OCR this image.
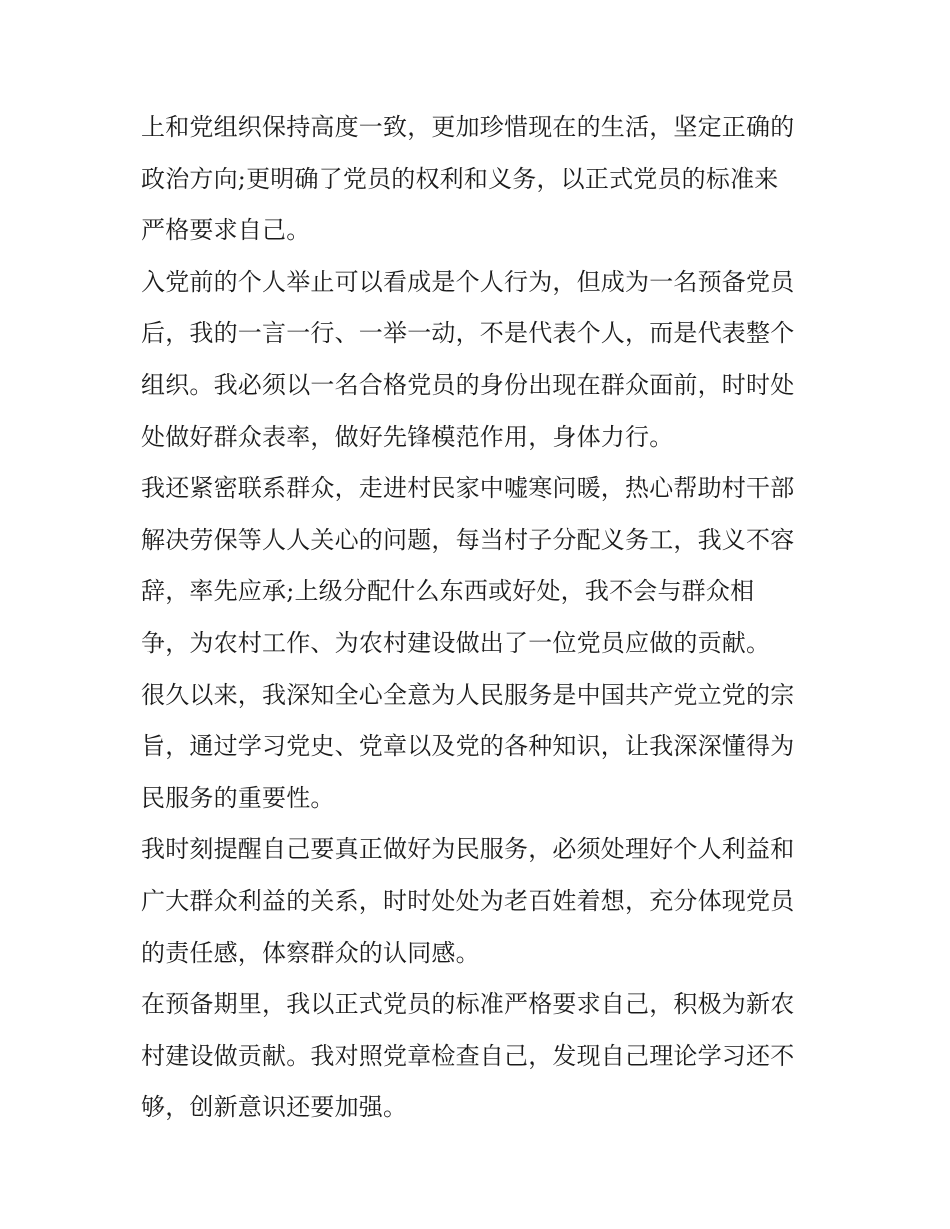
上和党组织保持高度一致，更加珍惜现在的生活，坚定正确的
政治方向;更明确了党员的权利和义务，以正式党员的标准来
严格要求自己。
入党前的个人举止可以看成是个人行为，但成为一名预备党员
后，我的一言一行、一举一动，不是代表个人，而是代表整个
组织。我必须以一名合格党员的身份出现在群众面前，时时处
处做好群众表率，做好先锋模范作用，身体力行。
我还紧密联系群众，走进村民家中嘘寒问暖，热心帮助村干部
解决劳保等人人关心的问题，每当村子分配义务工，我义不容
辞，率先应承;上级分配什么东西或好处，我不会与群众相
争，为农村工作、为农村建设做出了一位党员应做的贡献。
很久以来，我深知全心全意为人民服务是中国共产党立党的宗
旨，通过学习党史、党章以及党的各种知识，让我深深懂得为
民服务的重要性。
我时刻提醒自己要真正做好为民服务，必须处理好个人利益和
广大群众利益的关系，时时处处为老百姓着想，充分体现党员
的责任感，体察群众的认同感。
在预备期里，我以正式党员的标准严格要求自己，积极为新农
村建设做贡献。我对照党章检查自己，发现自己理论学习还不
够，创新意识还要加强。
